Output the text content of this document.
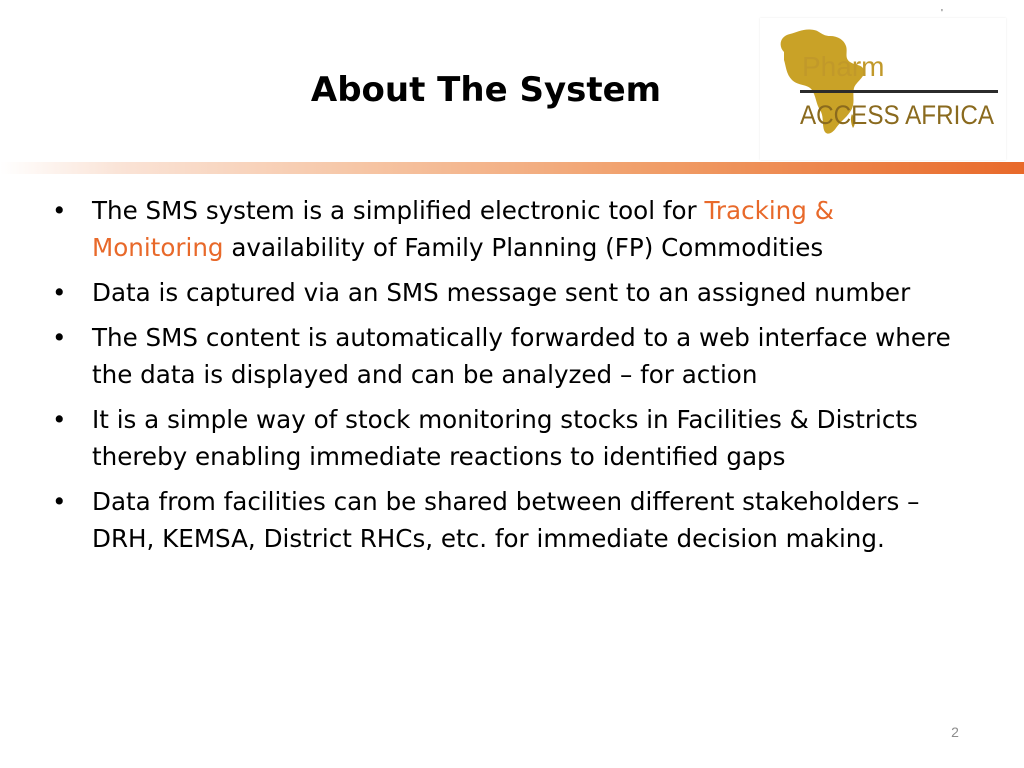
About The System
'
Pharm
ACCESS AFRICA
• The SMS system is a simplified electronic tool for Tracking & Monitoring availability of Family Planning (FP) Commodities
• Data is captured via an SMS message sent to an assigned number
• The SMS content is automatically forwarded to a web interface where the data is displayed and can be analyzed – for action
• It is a simple way of stock monitoring stocks in Facilities & Districts thereby enabling immediate reactions to identified gaps
• Data from facilities can be shared between different stakeholders – DRH, KEMSA, District RHCs, etc. for immediate decision making.
2
